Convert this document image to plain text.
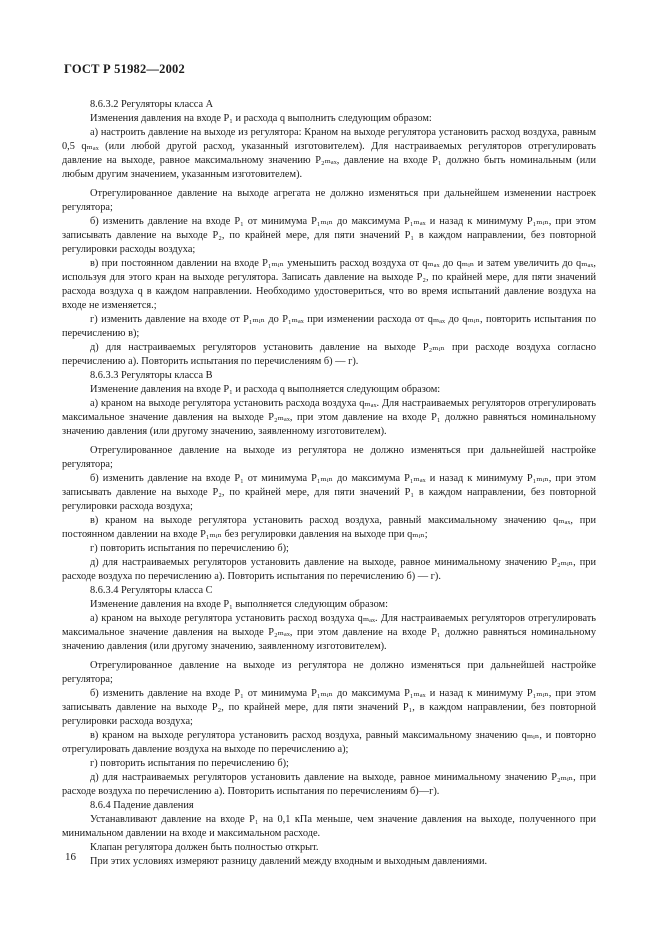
ГОСТ Р 51982—2002

8.6.3.2 Регуляторы класса А

Изменения давления на входе P₁ и расхода q выполнить следующим образом:

а) настроить давление на выходе из регулятора: Краном на выходе регулятора установить расход воздуха, равным 0,5 qₘₐₓ (или любой другой расход, указанный изготовителем). Для настраиваемых регуляторов отрегулировать давление на выходе, равное максимальному значению P₂ₘₐₓ, давление на входе P₁ должно быть номинальным (или любым другим значением, указанным изготовителем).

Отрегулированное давление на выходе агрегата не должно изменяться при дальнейшем изменении настроек регулятора;

б) изменить давление на входе P₁ от минимума P₁ₘᵢₙ до максимума P₁ₘₐₓ и назад к минимуму P₁ₘᵢₙ, при этом записывать давление на выходе P₂, по крайней мере, для пяти значений P₁ в каждом направлении, без повторной регулировки расходы воздуха;

в) при постоянном давлении на входе P₁ₘᵢₙ уменьшить расход воздуха от qₘₐₓ до qₘᵢₙ и затем увеличить до qₘₐₓ, используя для этого кран на выходе регулятора. Записать давление на выходе P₂, по крайней мере, для пяти значений расхода воздуха q в каждом направлении. Необходимо удостовериться, что во время испытаний давление воздуха на входе не изменяется.;

г) изменить давление на входе от P₁ₘᵢₙ до P₁ₘₐₓ при изменении расхода от qₘₐₓ до qₘᵢₙ, повторить испытания по перечислению в);

д) для настраиваемых регуляторов установить давление на выходе P₂ₘᵢₙ при расходе воздуха согласно перечислению а). Повторить испытания по перечислениям б) — г).

8.6.3.3 Регуляторы класса В

Изменение давления на входе P₁ и расхода q выполняется следующим образом:

а) краном на выходе регулятора установить расхода воздуха qₘₐₓ. Для настраиваемых регуляторов отрегулировать максимальное значение давления на выходе P₂ₘₐₓ, при этом давление на входе P₁ должно равняться номинальному значению давления (или другому значению, заявленному изготовителем).

Отрегулированное давление на выходе из регулятора не должно изменяться при дальнейшей настройке регулятора;

б) изменить давление на входе P₁ от минимума P₁ₘᵢₙ до максимума P₁ₘₐₓ и назад к минимуму P₁ₘᵢₙ, при этом записывать давление на выходе P₂, по крайней мере, для пяти значений P₁ в каждом направлении, без повторной регулировки расхода воздуха;

в) краном на выходе регулятора установить расход воздуха, равный максимальному значению qₘₐₓ, при постоянном давлении на входе P₁ₘᵢₙ без регулировки давления на выходе при qₘᵢₙ;

г) повторить испытания по перечислению б);

д) для настраиваемых регуляторов установить давление на выходе, равное минимальному значению P₂ₘᵢₙ, при расходе воздуха по перечислению а). Повторить испытания по перечислению б) — г).

8.6.3.4 Регуляторы класса С

Изменение давления на входе P₁ выполняется следующим образом:

а) краном на выходе регулятора установить расход воздуха qₘₐₓ. Для настраиваемых регуляторов отрегулировать максимальное значение давления на выходе P₂ₘₐₓ, при этом давление на входе P₁ должно равняться номинальному значению давления (или другому значению, заявленному изготовителем).

Отрегулированное давление на выходе из регулятора не должно изменяться при дальнейшей настройке регулятора;

б) изменить давление на входе P₁ от минимума P₁ₘᵢₙ до максимума P₁ₘₐₓ и назад к минимуму P₁ₘᵢₙ, при этом записывать давление на выходе P₂, по крайней мере, для пяти значений P₁, в каждом направлении, без повторной регулировки расхода воздуха;

в) краном на выходе регулятора установить расход воздуха, равный максимальному значению qₘᵢₙ, и повторно отрегулировать давление воздуха на выходе по перечислению а);

г) повторить испытания по перечислению б);

д) для настраиваемых регуляторов установить давление на выходе, равное минимальному значению P₂ₘᵢₙ, при расходе воздуха по перечислению а). Повторить испытания по перечислениям б)—г).

8.6.4 Падение давления

Устанавливают давление на входе P₁ на 0,1 кПа меньше, чем значение давления на выходе, полученного при минимальном давлении на входе и максимальном расходе.

Клапан регулятора должен быть полностью открыт.

При этих условиях измеряют разницу давлений между входным и выходным давлениями.

16
